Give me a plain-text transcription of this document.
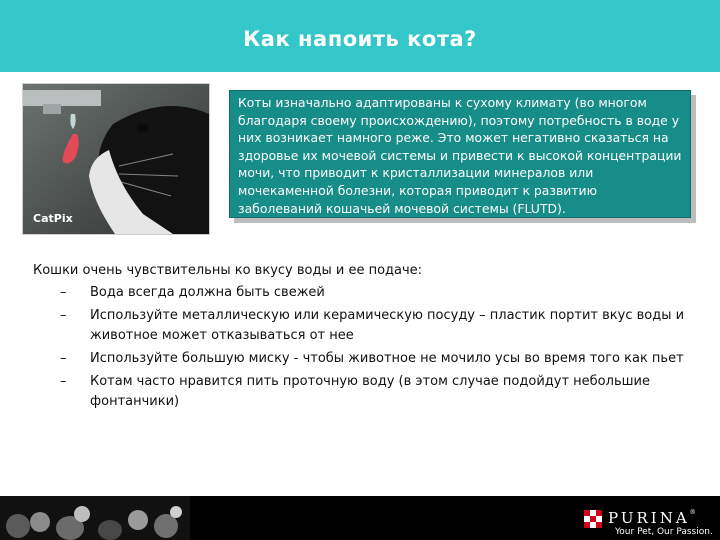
Как напоить кота?
CatPix
Коты изначально адаптированы к сухому климату (во многом благодаря своему происхождению), поэтому потребность в воде у них возникает намного реже. Это может негативно сказаться на здоровье их мочевой системы и привести к высокой концентрации мочи, что приводит к кристаллизации минералов или мочекаменной болезни, которая приводит к развитию заболеваний кошачьей мочевой системы (FLUTD).
Кошки очень чувствительны ко вкусу воды и ее подаче:
– Вода всегда должна быть свежей
– Используйте металлическую или керамическую посуду – пластик портит вкус воды и животное может отказываться от нее
– Используйте большую миску - чтобы животное не мочило усы во время того как пьет
– Котам часто нравится пить проточную воду (в этом случае подойдут небольшие фонтанчики)
PURINA®
Your Pet, Our Passion.
